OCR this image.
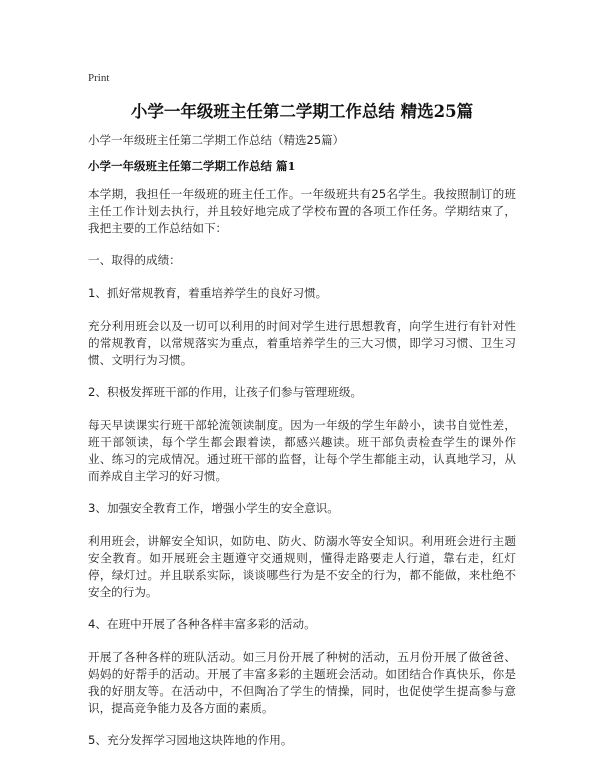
Print
小学一年级班主任第二学期工作总结 精选25篇

小学一年级班主任第二学期工作总结（精选25篇）

小学一年级班主任第二学期工作总结 篇1

本学期，我担任一年级班的班主任工作。一年级班共有25名学生。我按照制订的班主任工作计划去执行，并且较好地完成了学校布置的各项工作任务。学期结束了，我把主要的工作总结如下：

一、取得的成绩：

1、抓好常规教育，着重培养学生的良好习惯。

充分利用班会以及一切可以利用的时间对学生进行思想教育，向学生进行有针对性的常规教育，以常规落实为重点，着重培养学生的三大习惯，即学习习惯、卫生习惯、文明行为习惯。

2、积极发挥班干部的作用，让孩子们参与管理班级。

每天早读课实行班干部轮流领读制度。因为一年级的学生年龄小，读书自觉性差，班干部领读，每个学生都会跟着读，都感兴趣读。班干部负责检查学生的课外作业、练习的完成情况。通过班干部的监督，让每个学生都能主动，认真地学习，从而养成自主学习的好习惯。

3、加强安全教育工作，增强小学生的安全意识。

利用班会，讲解安全知识，如防电、防火、防溺水等安全知识。利用班会进行主题安全教育。如开展班会主题遵守交通规则，懂得走路要走人行道，靠右走，红灯停，绿灯过。并且联系实际，谈谈哪些行为是不安全的行为，都不能做，来杜绝不安全的行为。

4、在班中开展了各种各样丰富多彩的活动。

开展了各种各样的班队活动。如三月份开展了种树的活动，五月份开展了做爸爸、妈妈的好帮手的活动。开展了丰富多彩的主题班会活动。如团结合作真快乐，你是我的好朋友等。在活动中，不但陶冶了学生的情操，同时，也促使学生提高参与意识，提高竞争能力及各方面的素质。

5、充分发挥学习园地这块阵地的作用。
